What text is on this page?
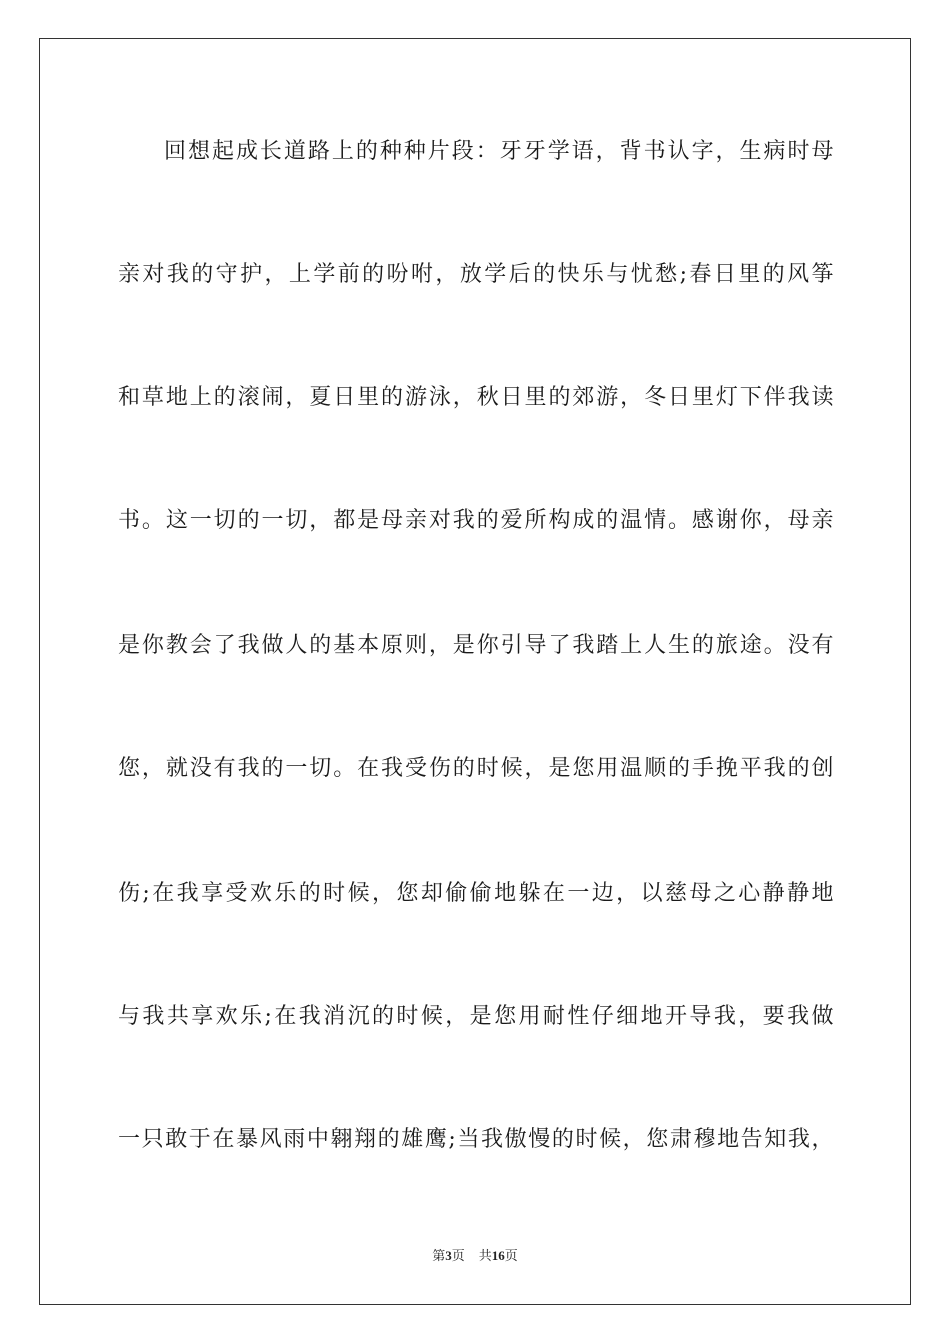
回想起成长道路上的种种片段：牙牙学语，背书认字，生病时母
亲对我的守护，上学前的吩咐，放学后的快乐与忧愁;春日里的风筝
和草地上的滚闹，夏日里的游泳，秋日里的郊游，冬日里灯下伴我读
书。这一切的一切，都是母亲对我的爱所构成的温情。感谢你，母亲
是你教会了我做人的基本原则，是你引导了我踏上人生的旅途。没有
您，就没有我的一切。在我受伤的时候，是您用温顺的手挽平我的创
伤;在我享受欢乐的时候，您却偷偷地躲在一边，以慈母之心静静地
与我共享欢乐;在我消沉的时候，是您用耐性仔细地开导我，要我做
一只敢于在暴风雨中翱翔的雄鹰;当我傲慢的时候，您肃穆地告知我，
第3页 共16页
